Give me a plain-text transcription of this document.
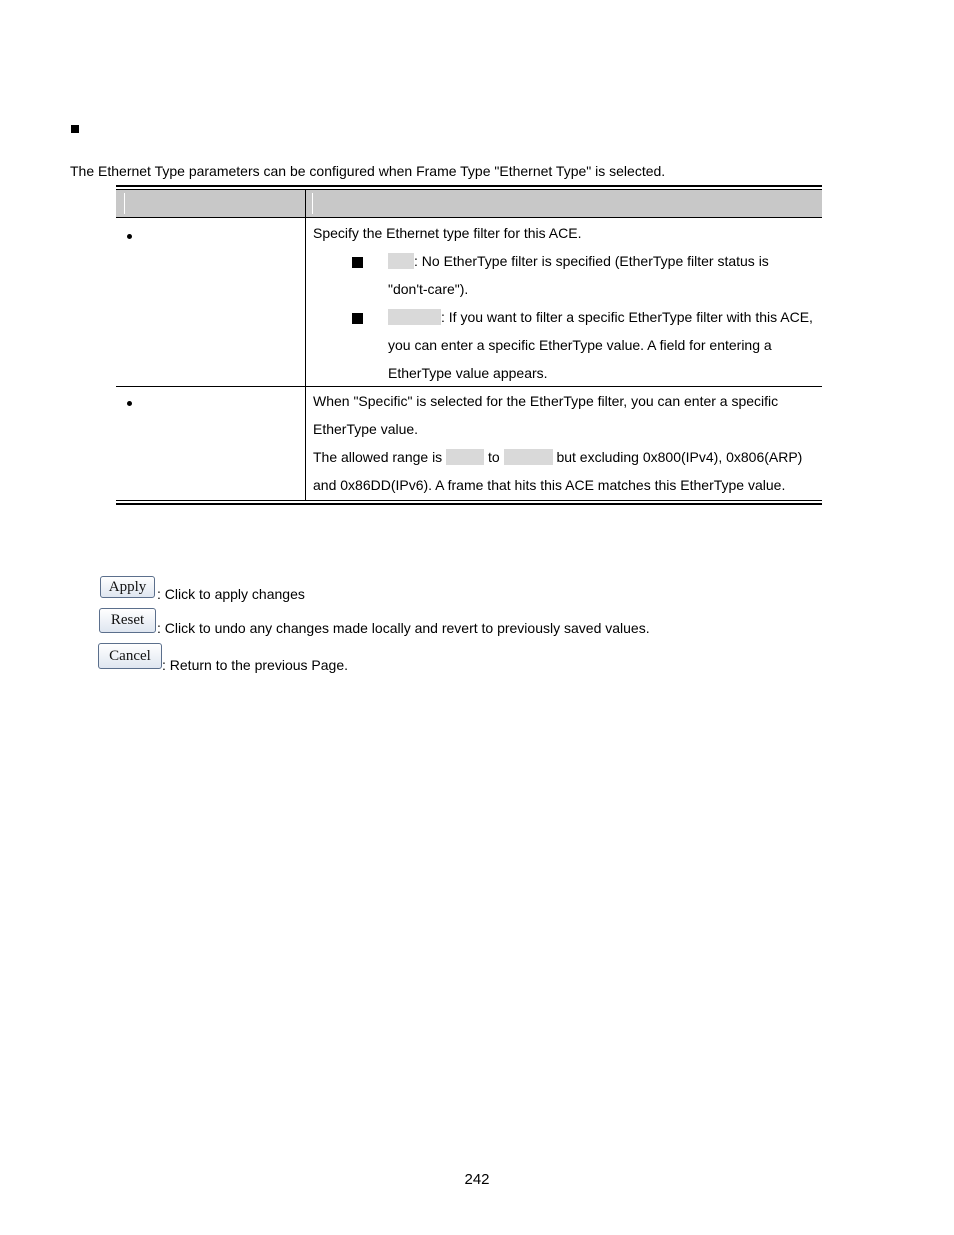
The Ethernet Type parameters can be configured when Frame Type "Ethernet Type" is selected.
Specify the Ethernet type filter for this ACE.
: No EtherType filter is specified (EtherType filter status is
"don't-care").
: If you want to filter a specific EtherType filter with this ACE,
you can enter a specific EtherType value. A field for entering a
EtherType value appears.
When "Specific" is selected for the EtherType filter, you can enter a specific
EtherType value.
The allowed range is	to	but excluding 0x800(IPv4), 0x806(ARP)
and 0x86DD(IPv6). A frame that hits this ACE matches this EtherType value.
Apply : Click to apply changes
Reset : Click to undo any changes made locally and revert to previously saved values.
Cancel
: Return to the previous Page.
242
